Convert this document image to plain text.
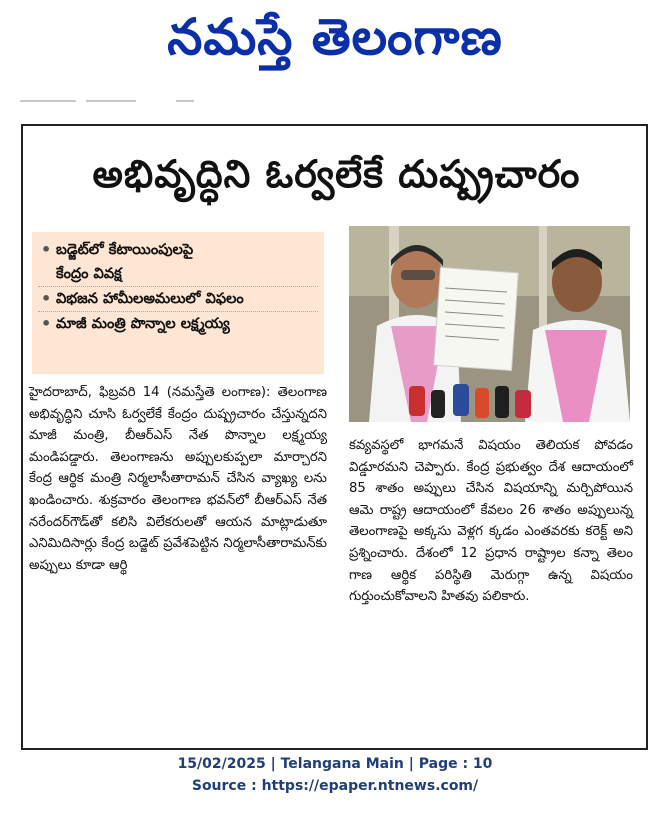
నమస్తే తెలంగాణ
అభివృద్ధిని ఓర్వలేకే దుష్ప్రచారం
• బడ్జెట్‌లో కేటాయింపులపై
కేంద్రం వివక్ష
• విభజన హామీలఅమలులో విఫలం
• మాజీ మంత్రి పొన్నాల లక్ష్మయ్య
హైదరాబాద్, ఫిబ్రవరి 14 (నమస్తేతె లంగాణ): తెలంగాణ అభివృద్ధిని చూసి ఓర్వలేకే కేంద్రం దుష్ప్రచారం చేస్తున్నదని మాజీ మంత్రి, బీఆర్‌ఎస్ నేత పొన్నాల లక్ష్మయ్య మండిపడ్డారు. తెలంగాణను అప్పులకుప్పలా మార్చారని కేంద్ర ఆర్థిక మంత్రి నిర్మలాసీతారామన్ చేసిన వ్యాఖ్య లను ఖండించారు. శుక్రవారం తెలంగాణ భవన్‌లో బీఆర్‌ఎస్ నేత నరేందర్‌గౌడ్‌తో కలిసి విలేకరులతో ఆయన మాట్లాడుతూ ఎనిమిదిసార్లు కేంద్ర బడ్జెట్ ప్రవేశపెట్టిన నిర్మలాసీతారామన్‌కు అప్పులు కూడా ఆర్థి
కవ్యవస్థలో భాగమనే విషయం తెలియక పోవడం విడ్డూరమని చెప్పారు. కేంద్ర ప్రభుత్వం దేశ ఆదాయంలో 85 శాతం అప్పులు చేసిన విషయాన్ని మర్చిపోయిన ఆమె రాష్ట్ర ఆదాయంలో కేవలం 26 శాతం అప్పులున్న తెలంగాణపై అక్కసు వెళ్లగ క్కడం ఎంతవరకు కరెక్ట్ అని ప్రశ్నించారు. దేశంలో 12 ప్రధాన రాష్ట్రాల కన్నా తెలం గాణ ఆర్థిక పరిస్థితి మెరుగ్గా ఉన్న విషయం గుర్తుంచుకోవాలని హితవు పలికారు.
15/02/2025 | Telangana Main | Page : 10
Source : https://epaper.ntnews.com/
